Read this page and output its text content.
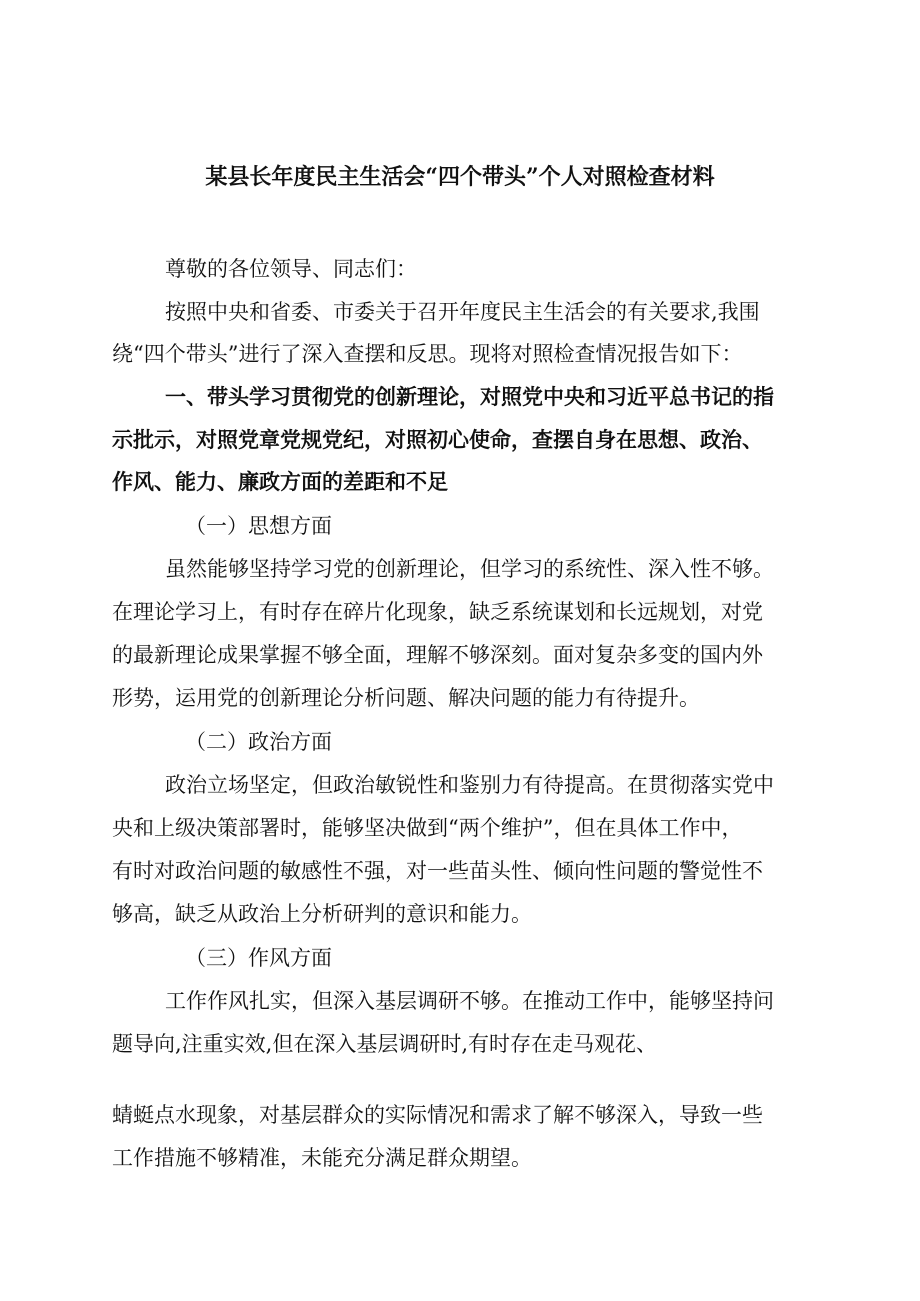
某县长年度民主生活会“四个带头”个人对照检查材料
尊敬的各位领导、同志们：
按照中央和省委、市委关于召开年度民主生活会的有关要求,我围
绕“四个带头”进行了深入查摆和反思。现将对照检查情况报告如下：
一、带头学习贯彻党的创新理论，对照党中央和习近平总书记的指
示批示，对照党章党规党纪，对照初心使命，查摆自身在思想、政治、
作风、能力、廉政方面的差距和不足
（一）思想方面
虽然能够坚持学习党的创新理论，但学习的系统性、深入性不够。
在理论学习上，有时存在碎片化现象，缺乏系统谋划和长远规划，对党
的最新理论成果掌握不够全面，理解不够深刻。面对复杂多变的国内外
形势，运用党的创新理论分析问题、解决问题的能力有待提升。
（二）政治方面
政治立场坚定，但政治敏锐性和鉴别力有待提高。在贯彻落实党中
央和上级决策部署时，能够坚决做到“两个维护”，但在具体工作中，
有时对政治问题的敏感性不强，对一些苗头性、倾向性问题的警觉性不
够高，缺乏从政治上分析研判的意识和能力。
（三）作风方面
工作作风扎实，但深入基层调研不够。在推动工作中，能够坚持问
题导向,注重实效,但在深入基层调研时,有时存在走马观花、
蜻蜓点水现象，对基层群众的实际情况和需求了解不够深入，导致一些
工作措施不够精准，未能充分满足群众期望。
